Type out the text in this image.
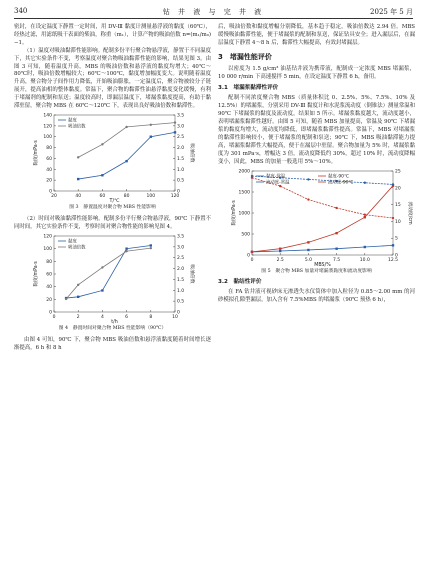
340	钻 井 液 与 完 井 液	2025 年 5 月

密封，在设定温度下静置一定时间，用 DV-Ⅲ 黏度计测量悬浮液的黏度（60℃），经热过滤，用滤纸吸干表面的柴油，称重（m₁），计算产物的吸油倍数 n=(m₁/m₀)−1。

（1）温度对吸油黏滞性能影响。配制多份平行聚合物悬浮液，静置于不同温度下，其它实验条件不变，考察温度对聚合物吸油黏滞性能的影响，结果见图 3。由图 3 可知，随着温度升高，MBS 的吸油倍数和悬浮液的黏度均增大；40℃～80℃时，吸油倍数增幅较大；60℃～100℃，黏度增加幅度变大。说明随着温度升高，聚合物分子间作用力降低，开始吸油膨胀，一定温度后，聚合物被较分子链展开，提高油相的整体黏度。常温下，聚合物的黏滞性油悬浮黏度变化缓慢，有利于堵漏剂的配制和泵送；温度较高时，即漏层温度下，堵漏浆黏度提高，有助于黏滞驻留，聚合物 MBS 在 60℃～120℃ 下，表现出良好吸油倍数和黏滞性。

20	40	60	80	100	120
0
20
40
60
80
100
120
140
0
0.5
1.0
1.5
2.0
2.5
3.0
3.5
T/℃
黏度/mPa·s	吸油倍数
黏度
吸油倍数
图 3　静置温度对聚合物 MBS 性能影响

（2）时间对吸油黏滞性能影响。配制多份平行聚合物悬浮液，90℃ 下静置不同时间，其它实验条件不变，考察时间对聚合物性能的影响见图 4。

0	2	4	6	8	10
0
20
40
60
80
100
120
0
0.5
1.0
1.5
2.0
2.5
3.0
3.5
t/h
黏度/mPa·s	吸油倍数
黏度
吸油倍数
图 4　静置时间对聚合物 MBS 性能影响（90℃）

由图 4 可知，90℃ 下，聚合物 MBS 吸油倍数和悬浮液黏度随着时间增长逐渐提高，6 h 和 8 h

后，吸油倍数和黏度增幅分别降低，基本趋于稳定，吸油倍数达 2.94 倍。MBS 缓慢吸油黏滞性能，便于堵漏浆的配制和泵送，保证钻具安全；进入漏层后，在漏层温度下静置 4～8 h 后，黏滞性大幅提高，有效封堵漏层。

3　堵漏性能评价

以密度为 1.5 g/cm³ 油基钻井液为携带液，配制成一定浓度 MBS 堵漏浆，10 000 r/min 下高速搅拌 5 min，在设定温度下静置 6 h，备用。

3.1　堵漏浆黏滞性评价

配制不同浓度聚合物 MBS（质量体积比 0、2.5%、5%、7.5%、10% 及 12.5%）的堵漏浆，分别采用 DV-Ⅲ 黏度计和水泥浆流动度（倒锥法）测量常温和 90℃ 下堵漏浆的黏度及流动度，结果如 5 所示。堵漏浆黏度越大，流动度越小，表明堵漏浆黏滞性越好。由图 5 可知，随着 MBS 加量提高，常温及 90℃ 下堵漏浆的黏度均增大，流动度均降低，即堵漏浆黏滞性提高。常温下，MBS 对堵漏浆的黏滞性影响较小，便于堵漏浆的配制和泵送；90℃ 下，MBS 吸油黏滞能力提高，堵漏浆黏滞性大幅提高，便于在漏层中驻留。聚合物加量为 5% 时，堵漏浆黏度为 301 mPa·s，增幅达 3 倍，流动度降低约 30%，超过 10% 时，流动度降幅变小，因此，MBS 的加量一般选用 5%～10%。

0	2.5	5.0	7.5	10.0	12.5
0
500
1000
1500
2000
0
5
10
15
20
25
MBS/%
黏度/mPa·s	流动度/cm
黏度-常温	黏度-90℃
流动度-常温	流动度-90℃
图 5　聚合物 MBS 加量对堵漏浆黏度和流动度影响
3.2　黏结性评价

在 FA 钻井液可视砂床无渗透失水仪筒体中加入粒径为 0.85～2.00 mm 的河砂模拟孔隙型漏层，加入含有 7.5%MBS 的堵漏浆（90℃ 预热 6 h），
